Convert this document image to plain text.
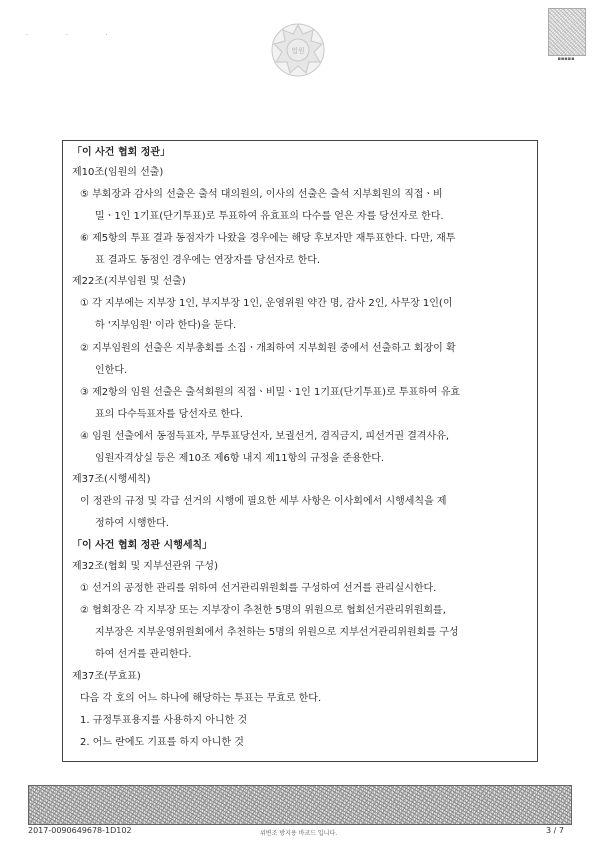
· · ·
법원
▪▪▪▪▪
「이 사건 협회 정관」
제10조(임원의 선출)
⑤ 부회장과 감사의 선출은 출석 대의원의, 이사의 선출은 출석 지부회원의 직접ㆍ비
밀ㆍ1인 1기표(단기투표)로 투표하여 유효표의 다수를 얻은 자를 당선자로 한다.
⑥ 제5항의 투표 결과 동점자가 나왔을 경우에는 해당 후보자만 재투표한다. 다만, 재투
표 결과도 동점인 경우에는 연장자를 당선자로 한다.
제22조(지부임원 및 선출)
① 각 지부에는 지부장 1인, 부지부장 1인, 운영위원 약간 명, 감사 2인, 사무장 1인(이
하 '지부임원' 이라 한다)을 둔다.
② 지부임원의 선출은 지부총회를 소집ㆍ개최하여 지부회원 중에서 선출하고 회장이 확
인한다.
③ 제2항의 임원 선출은 출석회원의 직접ㆍ비밀ㆍ1인 1기표(단기투표)로 투표하여 유효
표의 다수득표자를 당선자로 한다.
④ 임원 선출에서 동점득표자, 무투표당선자, 보궐선거, 겸직금지, 피선거권 결격사유,
임원자격상실 등은 제10조 제6항 내지 제11항의 규정을 준용한다.
제37조(시행세칙)
이 정관의 규정 및 각급 선거의 시행에 필요한 세부 사항은 이사회에서 시행세칙을 제
정하여 시행한다.
「이 사건 협회 정관 시행세칙」
제32조(협회 및 지부선관위 구성)
① 선거의 공정한 관리를 위하여 선거관리위원회를 구성하여 선거를 관리실시한다.
② 협회장은 각 지부장 또는 지부장이 추천한 5명의 위원으로 협회선거관리위원회를,
지부장은 지부운영위원회에서 추천하는 5명의 위원으로 지부선거관리위원회를 구성
하여 선거를 관리한다.
제37조(무효표)
다음 각 호의 어느 하나에 해당하는 투표는 무효로 한다.
1. 규정투표용지를 사용하지 아니한 것
2. 어느 란에도 기표를 하지 아니한 것
2017-0090649678-1D102	위변조 방지용 바코드 입니다.	3 / 7
